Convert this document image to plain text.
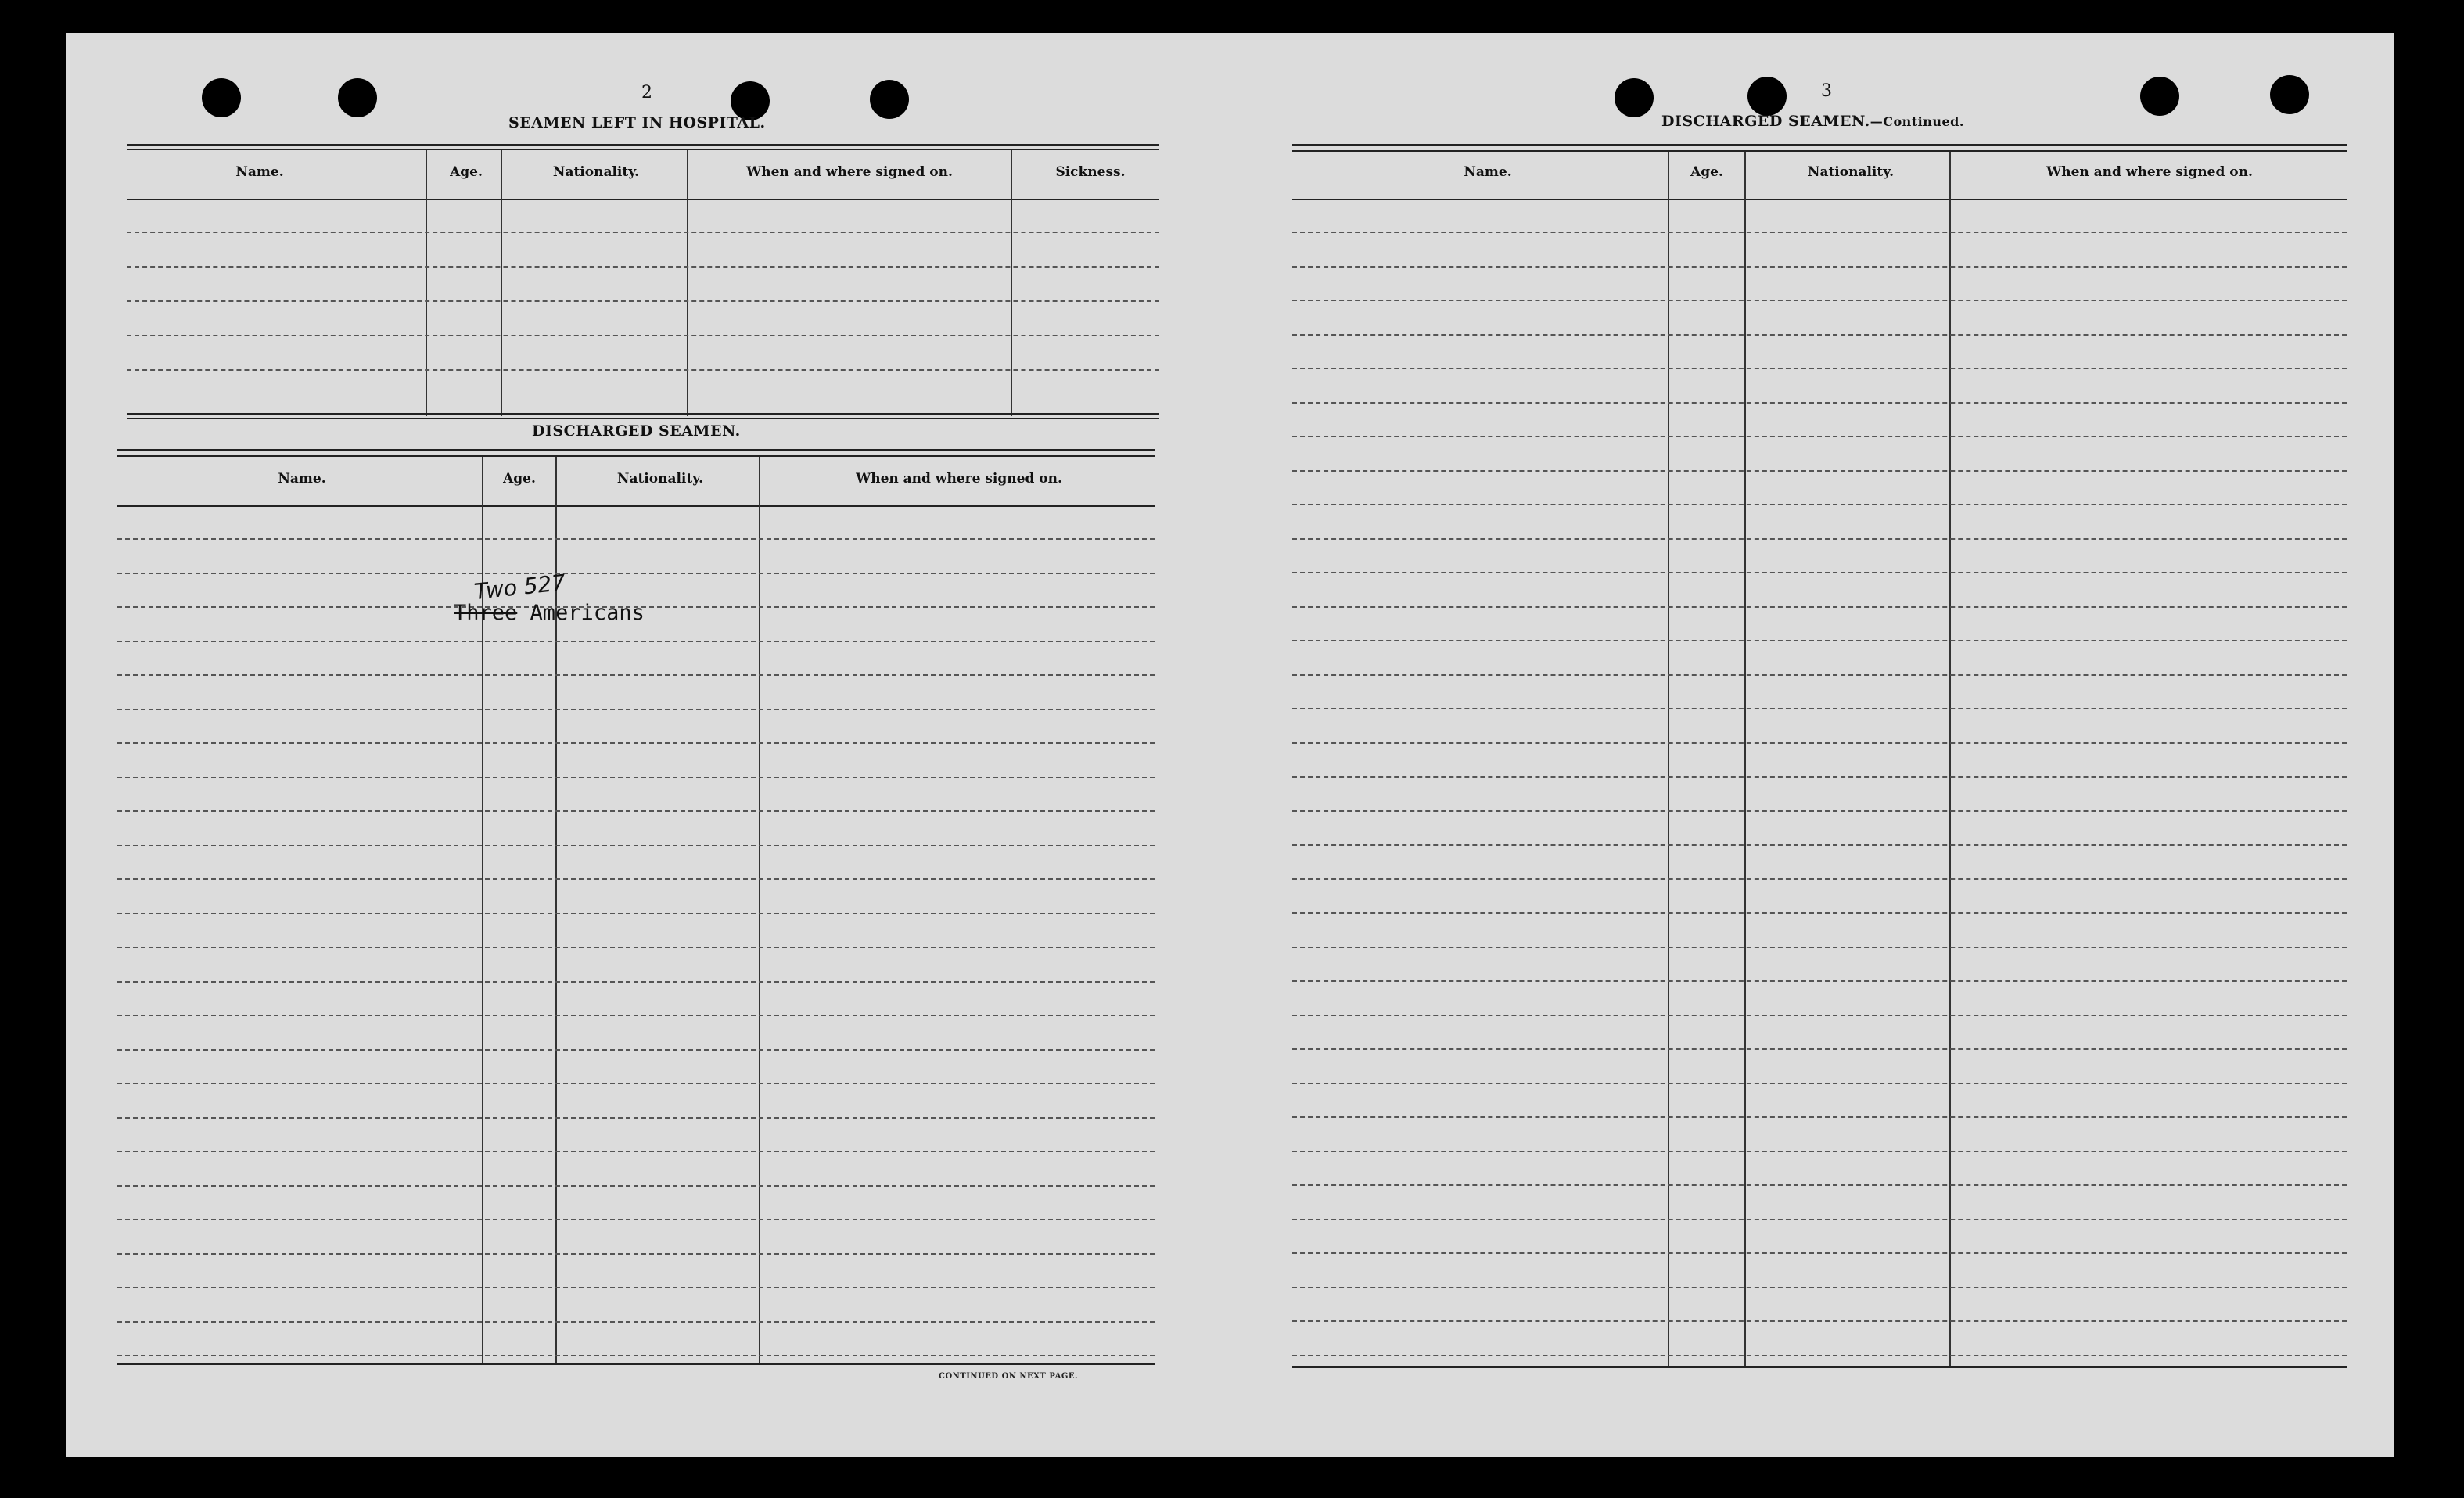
2
SEAMEN LEFT IN HOSPITAL.
Name.	Age.	Nationality.	When and where signed on.	Sickness.
DISCHARGED SEAMEN.
Name.	Age.	Nationality.	When and where signed on.
Three Americans
Two 527
CONTINUED ON NEXT PAGE.
3
DISCHARGED SEAMEN.—Continued.
Name.	Age.	Nationality.	When and where signed on.
